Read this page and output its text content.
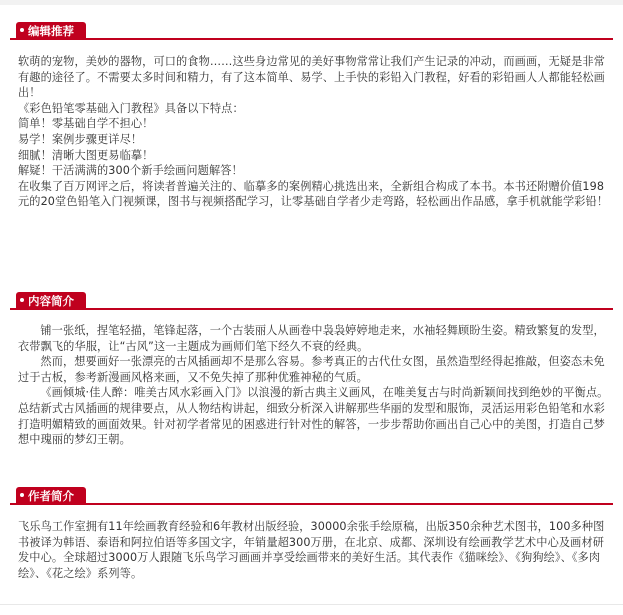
编辑推荐

软萌的宠物，美妙的器物，可口的食物……这些身边常见的美好事物常常让我们产生记录的冲动，而画画，无疑是非常有趣的途径了。不需要太多时间和精力，有了这本简单、易学、上手快的彩铅入门教程，好看的彩铅画人人都能轻松画出！

《彩色铅笔零基础入门教程》具备以下特点：

简单！零基础自学不担心！

易学！案例步骤更详尽！

细腻！清晰大图更易临摹！

解疑！干活满满的300个新手绘画问题解答！

在收集了百万网评之后，将读者普遍关注的、临摹多的案例精心挑选出来，全新组合构成了本书。本书还附赠价值198元的20堂色铅笔入门视频课，图书与视频搭配学习，让零基础自学者少走弯路，轻松画出作品感，拿手机就能学彩铅！

内容简介

铺一张纸，捏笔轻描，笔锋起落，一个古装丽人从画卷中袅袅婷婷地走来，水袖轻舞顾盼生姿。精致繁复的发型，衣带飘飞的华服，让“古风”这一主题成为画师们笔下经久不衰的经典。

然而，想要画好一张漂亮的古风插画却不是那么容易。参考真正的古代仕女图，虽然造型经得起推敲，但姿态未免过于古板，参考新漫画风格来画，又不免失掉了那种优雅神秘的气质。

《画倾城·佳人醉：唯美古风水彩画入门》以浪漫的新古典主义画风，在唯美复古与时尚新颖间找到绝妙的平衡点。总结新式古风插画的规律要点，从人物结构讲起，细致分析深入讲解那些华丽的发型和服饰，灵活运用彩色铅笔和水彩打造明媚精致的画面效果。针对初学者常见的困惑进行针对性的解答，一步步帮助你画出自己心中的美图，打造自己梦想中瑰丽的梦幻王朝。

作者简介

飞乐鸟工作室拥有11年绘画教育经验和6年教材出版经验，30000余张手绘原稿，出版350余种艺术图书，100多种图书被译为韩语、泰语和阿拉伯语等多国文字，年销量超300万册，在北京、成都、深圳设有绘画教学艺术中心及画材研发中心。全球超过3000万人跟随飞乐鸟学习画画并享受绘画带来的美好生活。其代表作《猫咪绘》、《狗狗绘》、《多肉绘》、《花之绘》系列等。
